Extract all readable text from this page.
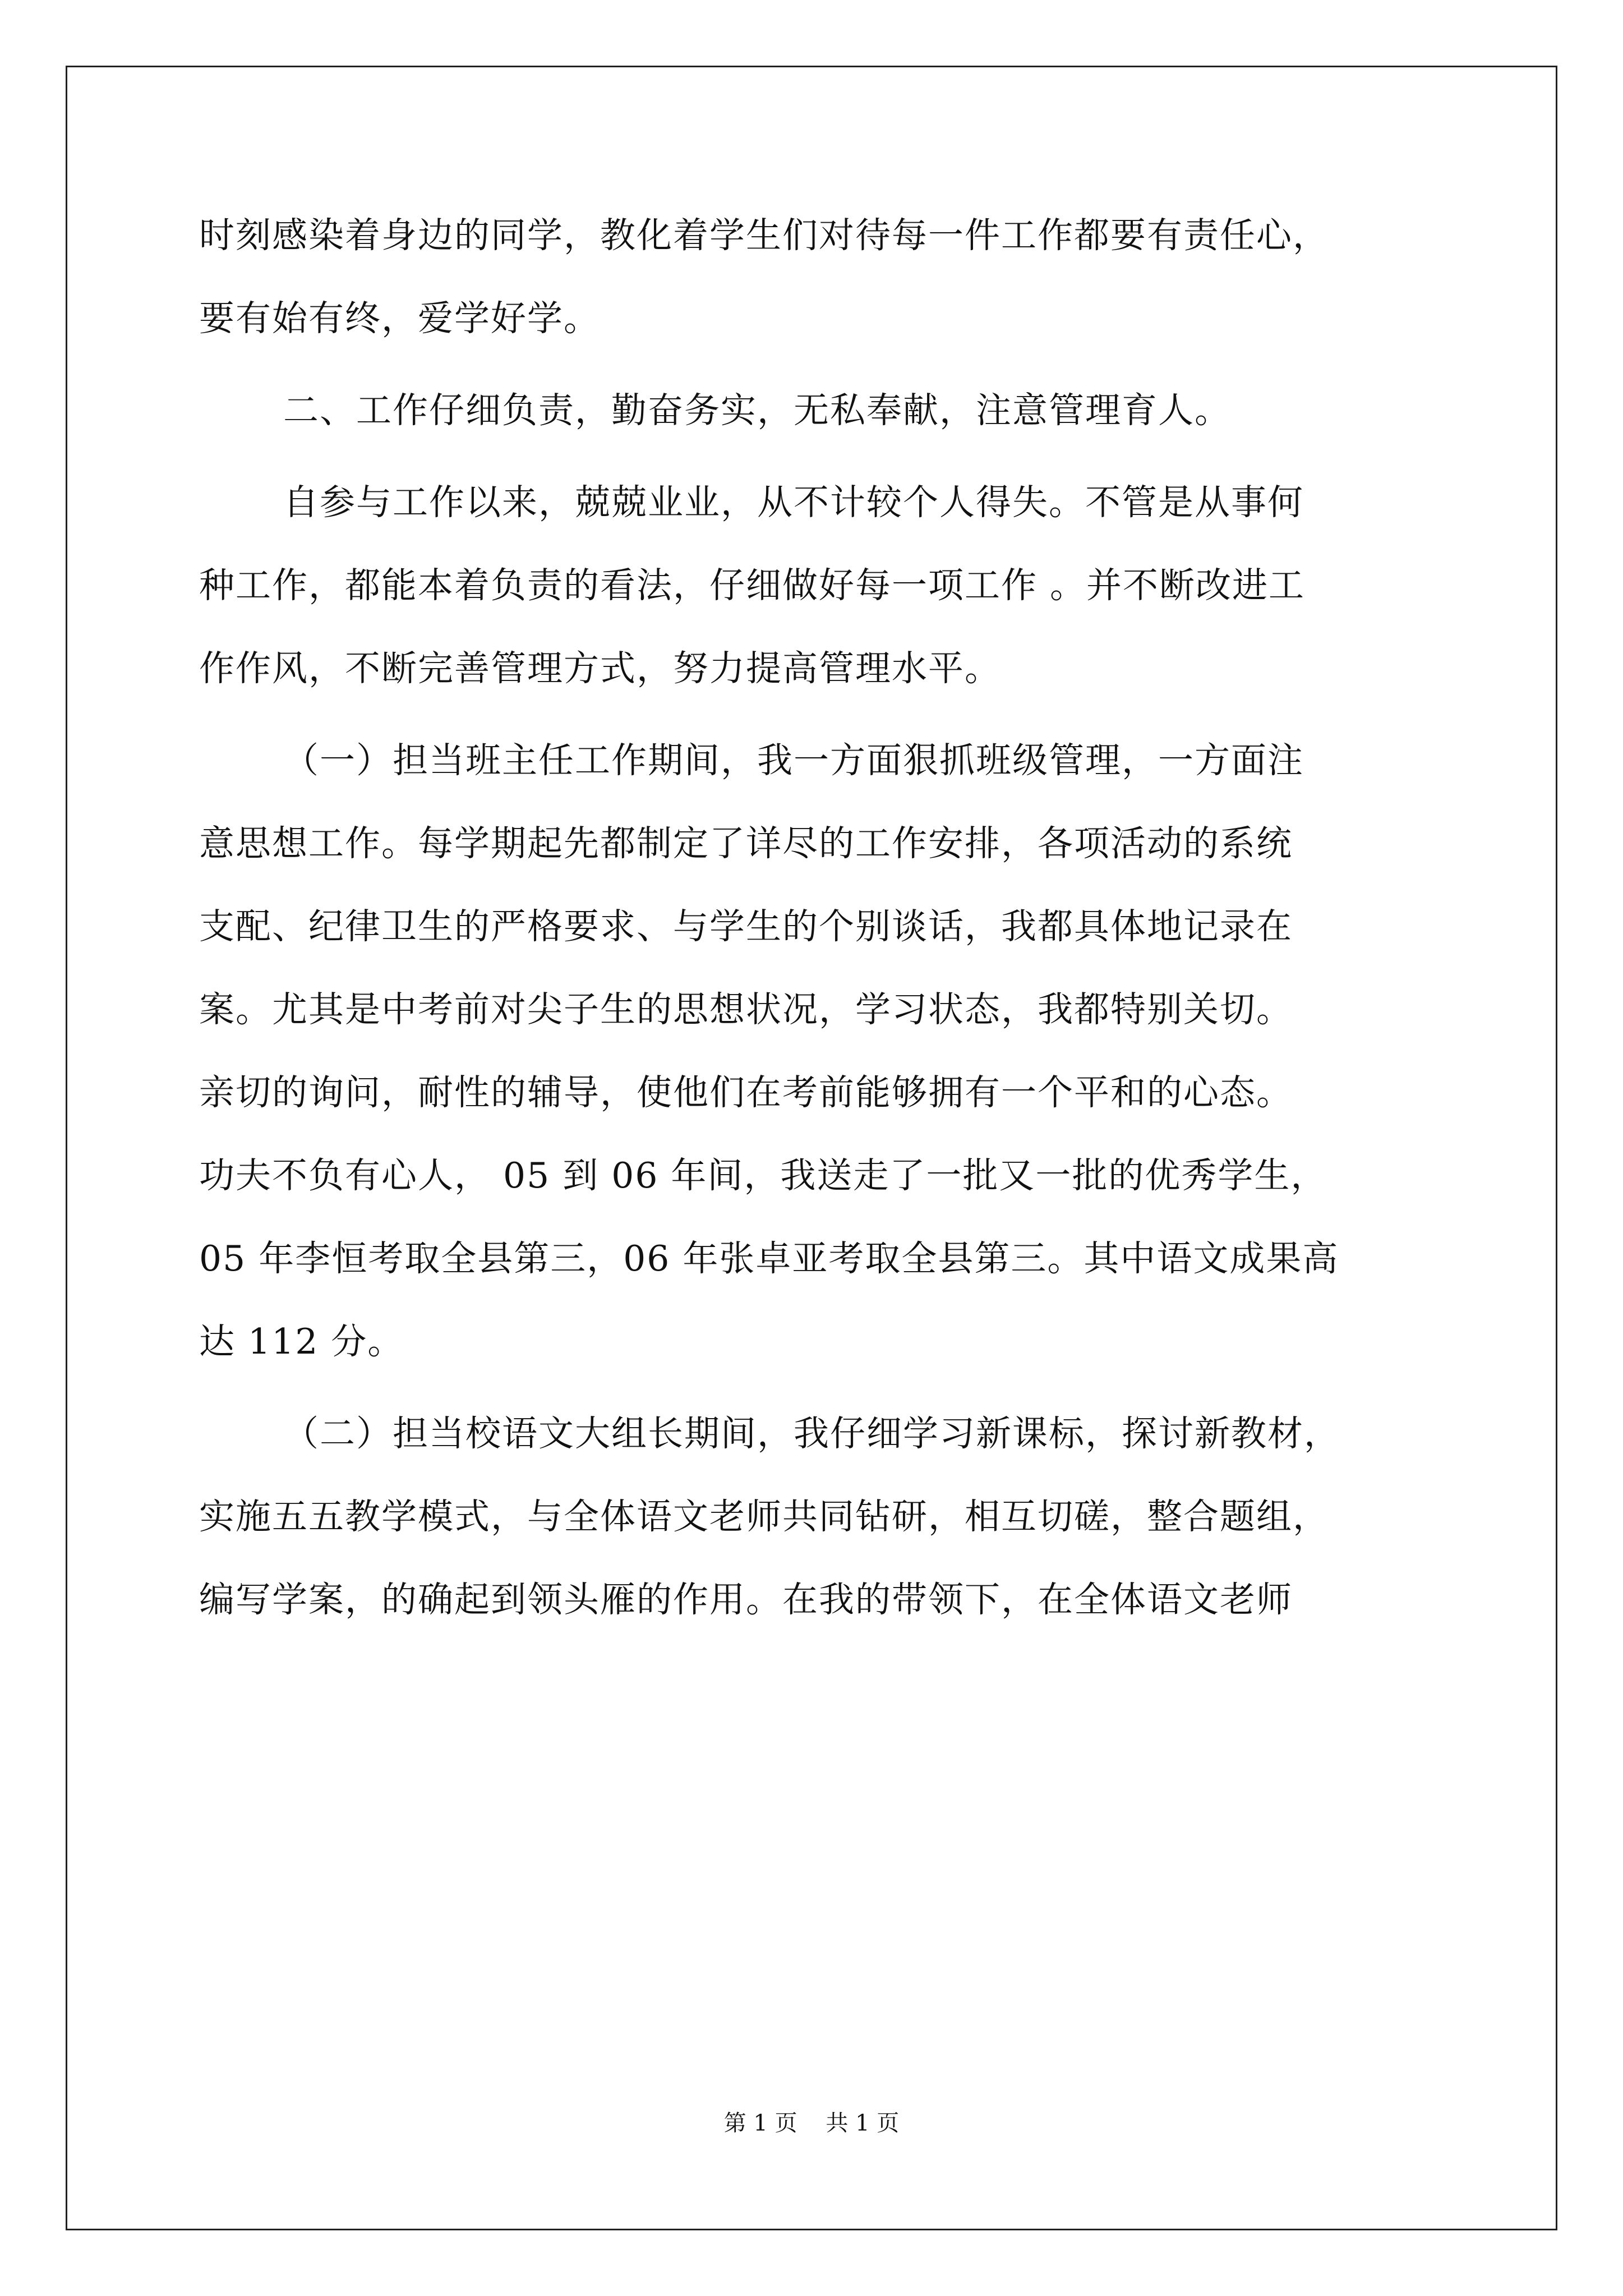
时刻感染着身边的同学，教化着学生们对待每一件工作都要有责任心，
要有始有终，爱学好学。
二、工作仔细负责，勤奋务实，无私奉献，注意管理育人。
自参与工作以来，兢兢业业，从不计较个人得失。不管是从事何
种工作，都能本着负责的看法，仔细做好每一项工作 。并不断改进工
作作风，不断完善管理方式，努力提高管理水平。
（一）担当班主任工作期间，我一方面狠抓班级管理，一方面注
意思想工作。每学期起先都制定了详尽的工作安排，各项活动的系统
支配、纪律卫生的严格要求、与学生的个别谈话，我都具体地记录在
案。尤其是中考前对尖子生的思想状况，学习状态，我都特别关切。
亲切的询问，耐性的辅导，使他们在考前能够拥有一个平和的心态。
功夫不负有心人， 05 到 06 年间，我送走了一批又一批的优秀学生，
05 年李恒考取全县第三，06 年张卓亚考取全县第三。其中语文成果高
达 112 分。
（二）担当校语文大组长期间，我仔细学习新课标，探讨新教材，
实施五五教学模式，与全体语文老师共同钻研，相互切磋，整合题组，
编写学案，的确起到领头雁的作用。在我的带领下，在全体语文老师
第 1 页    共 1 页
